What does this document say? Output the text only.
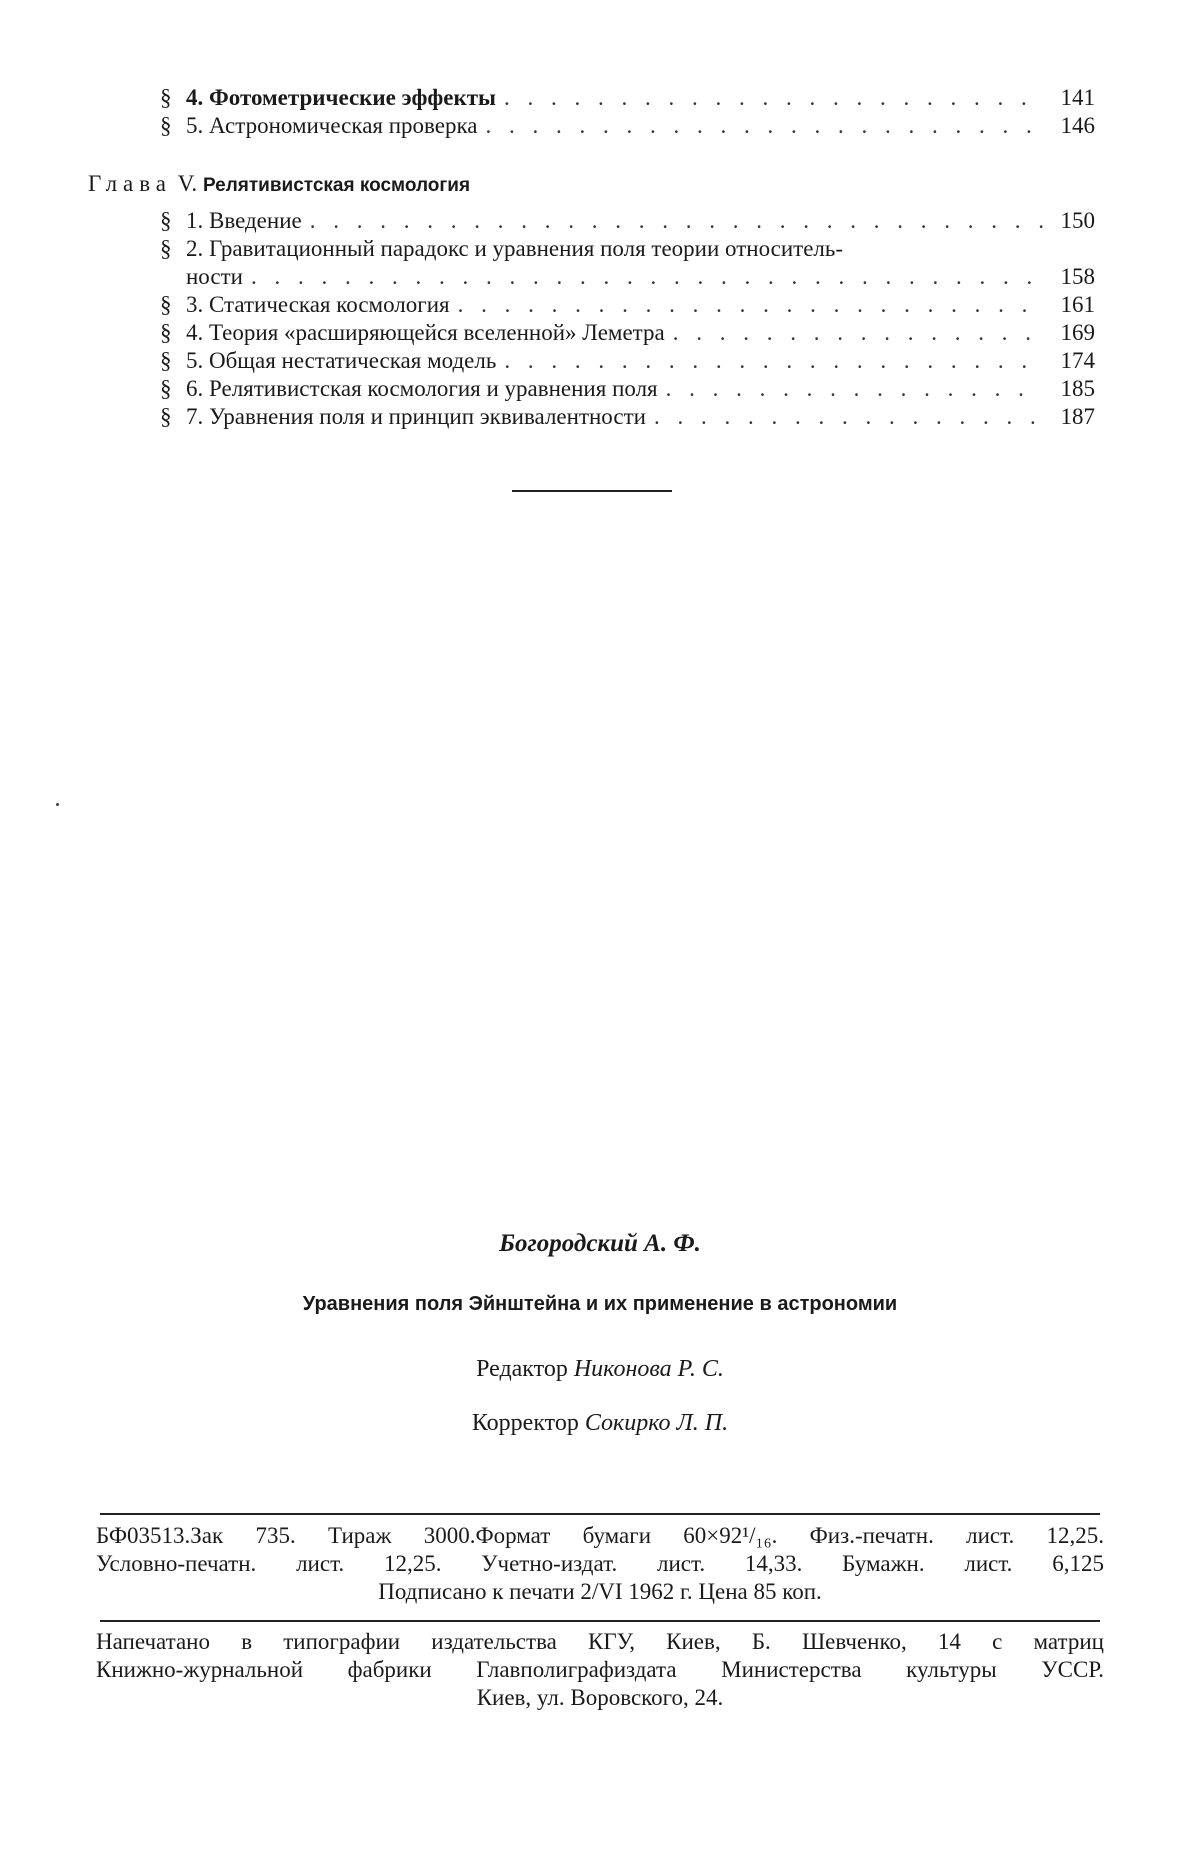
§ 4. Фотометрические эффекты . . .	141
§ 5. Астрономическая проверка . . .	146
Глава V. Релятивистская космология
§ 1. Введение . . .	150
§ 2. Гравитационный парадокс и уравнения поля теории относитель-
ности . . .	158
§ 3. Статическая космология . . .	161
§ 4. Теория «расширяющейся вселенной» Леметра . . .	169
§ 5. Общая нестатическая модель . . .	174
§ 6. Релятивистская космология и уравнения поля . . .	185
§ 7. Уравнения поля и принцип эквивалентности . . .	187
Богородский А. Ф.
Уравнения поля Эйнштейна и их применение в астрономии
Редактор Никонова Р. С.
Корректор Сокирко Л. П.
БФ03513.Зак 735. Тираж 3000.Формат бумаги 60×92¹/₁₆. Физ.-печатн. лист. 12,25.
Условно-печатн. лист. 12,25. Учетно-издат. лист. 14,33. Бумажн. лист. 6,125
Подписано к печати 2/VI 1962 г. Цена 85 коп.
Напечатано в типографии издательства КГУ, Киев, Б. Шевченко, 14 с матриц
Книжно-журнальной фабрики Главполиграфиздата Министерства культуры УССР.
Киев, ул. Воровского, 24.
